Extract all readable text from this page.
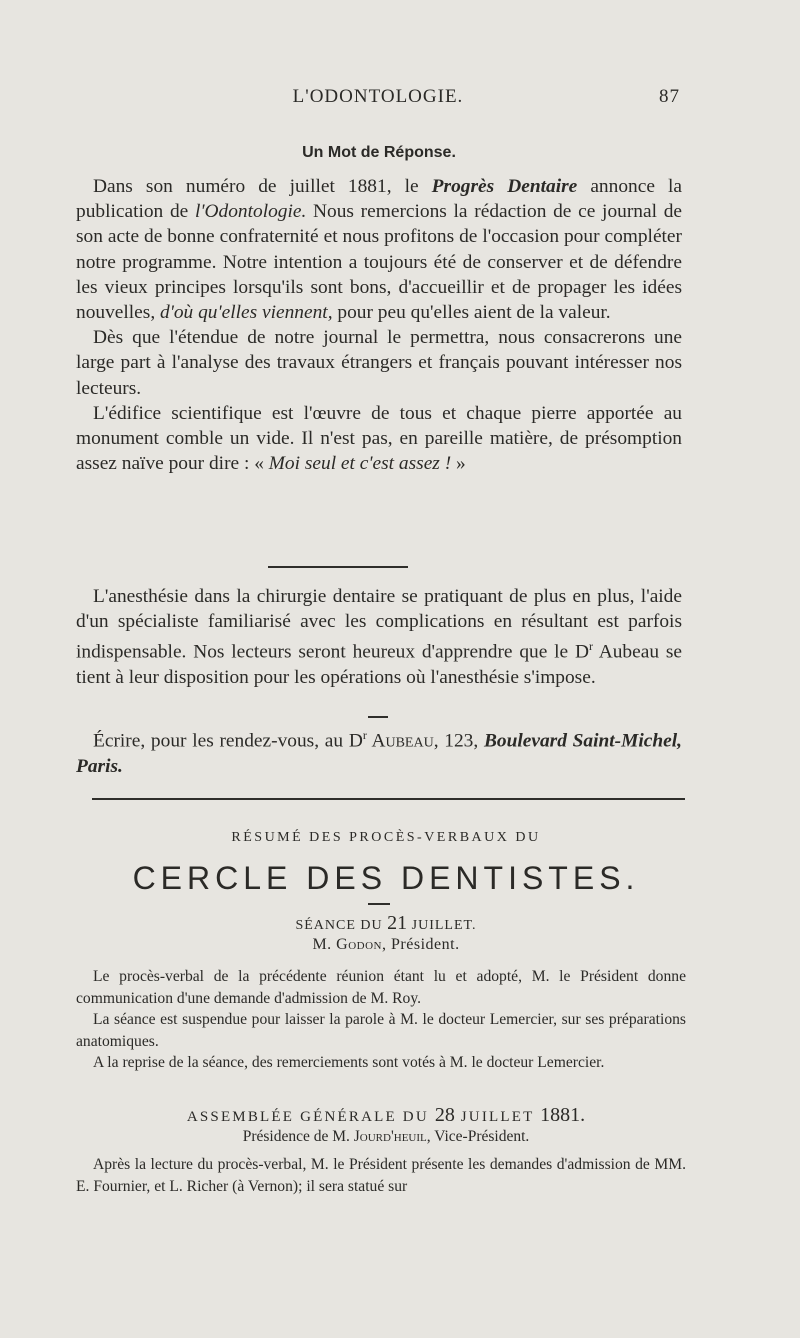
L'ODONTOLOGIE.	87
Un Mot de Réponse.

Dans son numéro de juillet 1881, le Progrès Dentaire annonce la publication de l'Odontologie. Nous remercions la rédaction de ce journal de son acte de bonne confraternité et nous profitons de l'occasion pour compléter notre programme. Notre intention a toujours été de conserver et de défendre les vieux principes lorsqu'ils sont bons, d'accueillir et de propager les idées nouvelles, d'où qu'elles viennent, pour peu qu'elles aient de la valeur.

Dès que l'étendue de notre journal le permettra, nous consacrerons une large part à l'analyse des travaux étrangers et français pouvant intéresser nos lecteurs.

L'édifice scientifique est l'œuvre de tous et chaque pierre apportée au monument comble un vide. Il n'est pas, en pareille matière, de présomption assez naïve pour dire : « Moi seul et c'est assez ! »

L'anesthésie dans la chirurgie dentaire se pratiquant de plus en plus, l'aide d'un spécialiste familiarisé avec les complications en résultant est parfois indispensable. Nos lecteurs seront heureux d'apprendre que le $D^r$ Aubeau se tient à leur disposition pour les opérations où l'anesthésie s'impose.

Écrire, pour les rendez-vous, au $D^r$ Aubeau, 123, Boulevard Saint-Michel, Paris.

RÉSUMÉ DES PROCÈS-VERBAUX DU
CERCLE DES DENTISTES.
SÉANCE DU 21 JUILLET.
M. Godon, Président.

Le procès-verbal de la précédente réunion étant lu et adopté, M. le Président donne communication d'une demande d'admission de M. Roy.

La séance est suspendue pour laisser la parole à M. le docteur Lemercier, sur ses préparations anatomiques.

A la reprise de la séance, des remerciements sont votés à M. le docteur Lemercier.

ASSEMBLÉE GÉNÉRALE DU 28 JUILLET 1881.
Présidence de M. Jourd'heuil, Vice-Président.

Après la lecture du procès-verbal, M. le Président présente les demandes d'admission de MM. E. Fournier, et L. Richer (à Vernon); il sera statué sur
